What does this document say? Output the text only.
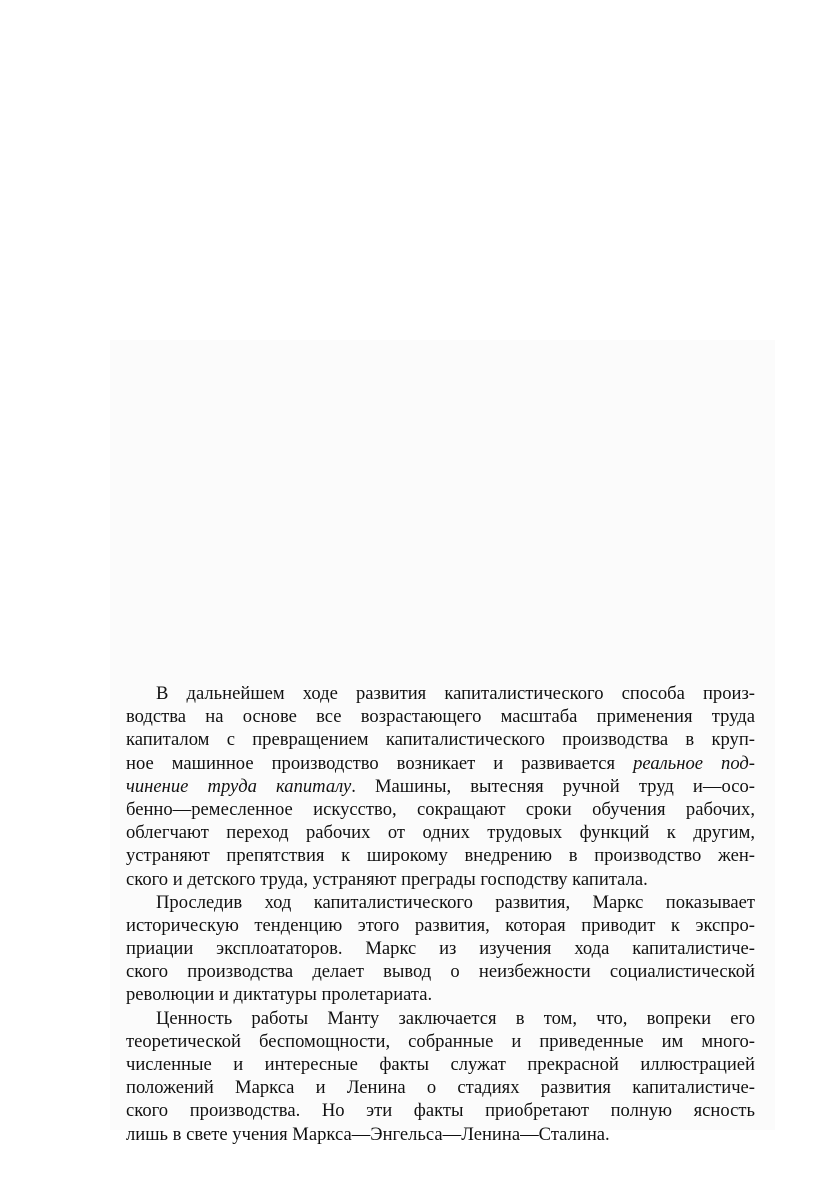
В дальнейшем ходе развития капиталистического способа произ-
водства на основе все возрастающего масштаба применения труда
капиталом с превращением капиталистического производства в круп-
ное машинное производство возникает и развивается реальное под-
чинение труда капиталу. Машины, вытесняя ручной труд и—осо-
бенно—ремесленное искусство, сокращают сроки обучения рабочих,
облегчают переход рабочих от одних трудовых функций к другим,
устраняют препятствия к широкому внедрению в производство жен-
ского и детского труда, устраняют преграды господству капитала.
Проследив ход капиталистического развития, Маркс показывает
историческую тенденцию этого развития, которая приводит к экспро-
приации эксплоататоров. Маркс из изучения хода капиталистиче-
ского производства делает вывод о неизбежности социалистической
революции и диктатуры пролетариата.
Ценность работы Манту заключается в том, что, вопреки его
теоретической беспомощности, собранные и приведенные им много-
численные и интересные факты служат прекрасной иллюстрацией
положений Маркса и Ленина о стадиях развития капиталистиче-
ского производства. Но эти факты приобретают полную ясность
лишь в свете учения Маркса—Энгельса—Ленина—Сталина.
